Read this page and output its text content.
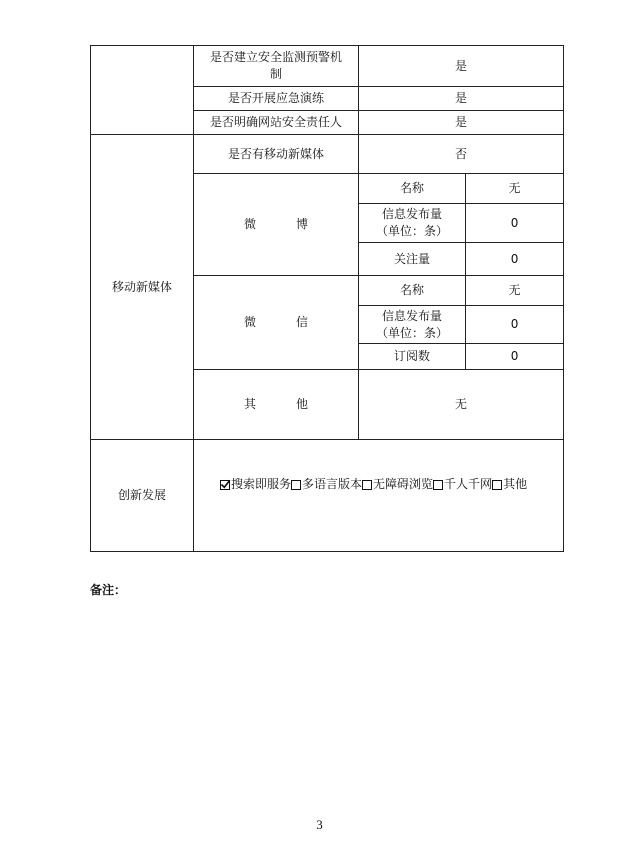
	是否建立安全监测预警机制	是	
	是否开展应急演练	是	
	是否明确网站安全责任人	是	
移动新媒体	是否有移动新媒体	否	
	微　博	名称	无

		信息发布量
（单位：条）	0
		关注量	0
	微　信	名称	无

		信息发布量
（单位：条）	0
		订阅数	0
	其　他	无	
创新发展	搜索即服务 多语言版本 无障碍浏览 千人千网 其他		
备注：
3
